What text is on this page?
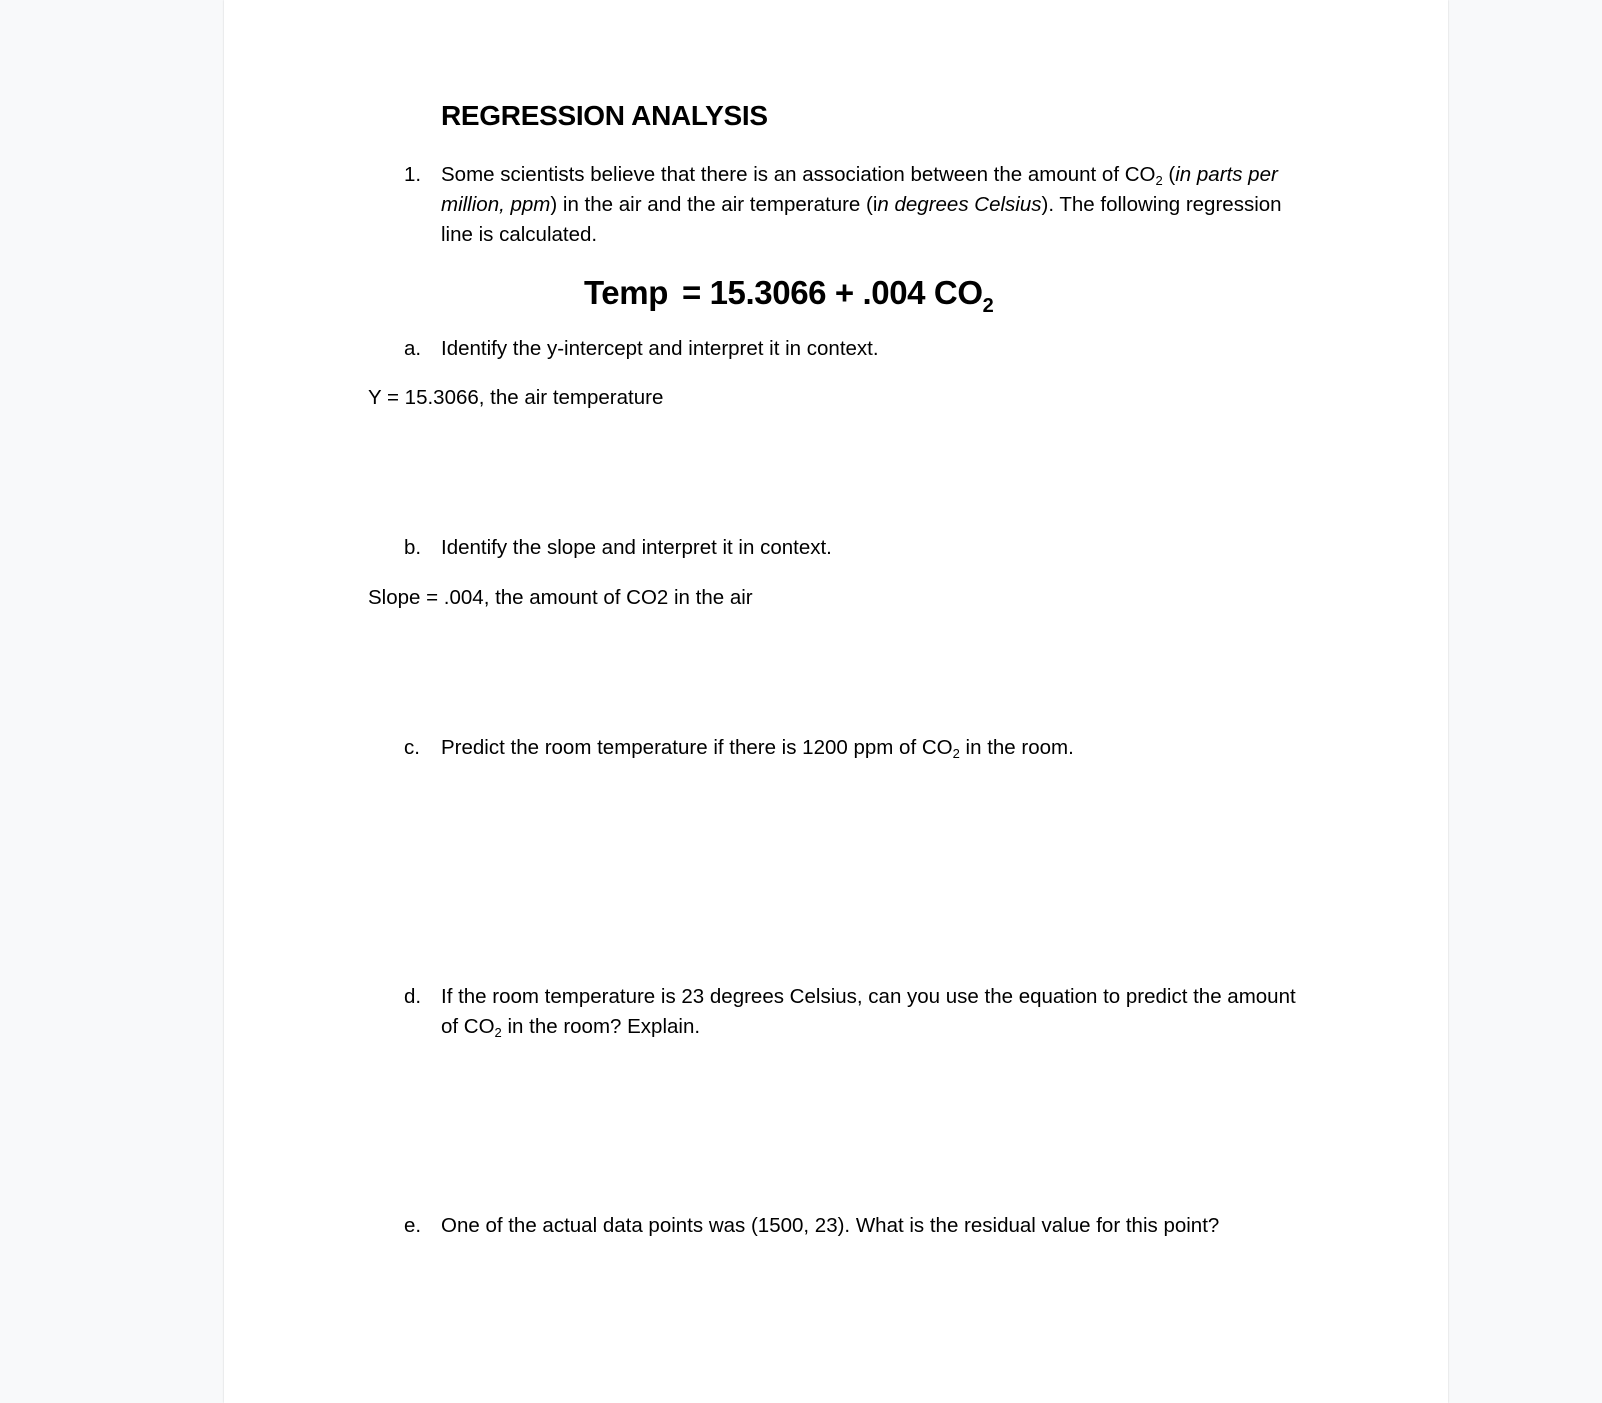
REGRESSION ANALYSIS
1. Some scientists believe that there is an association between the amount of $CO_2$ (in parts per million, ppm) in the air and the air temperature (in degrees Celsius). The following regression line is calculated.
Temp = 15.3066 + .004 $CO_2$
a. Identify the y-intercept and interpret it in context.
Y = 15.3066, the air temperature
b. Identify the slope and interpret it in context.
Slope = .004, the amount of CO2 in the air
c. Predict the room temperature if there is 1200 ppm of $CO_2$ in the room.
d. If the room temperature is 23 degrees Celsius, can you use the equation to predict the amount
of $CO_2$ in the room? Explain.
e. One of the actual data points was (1500, 23). What is the residual value for this point?
